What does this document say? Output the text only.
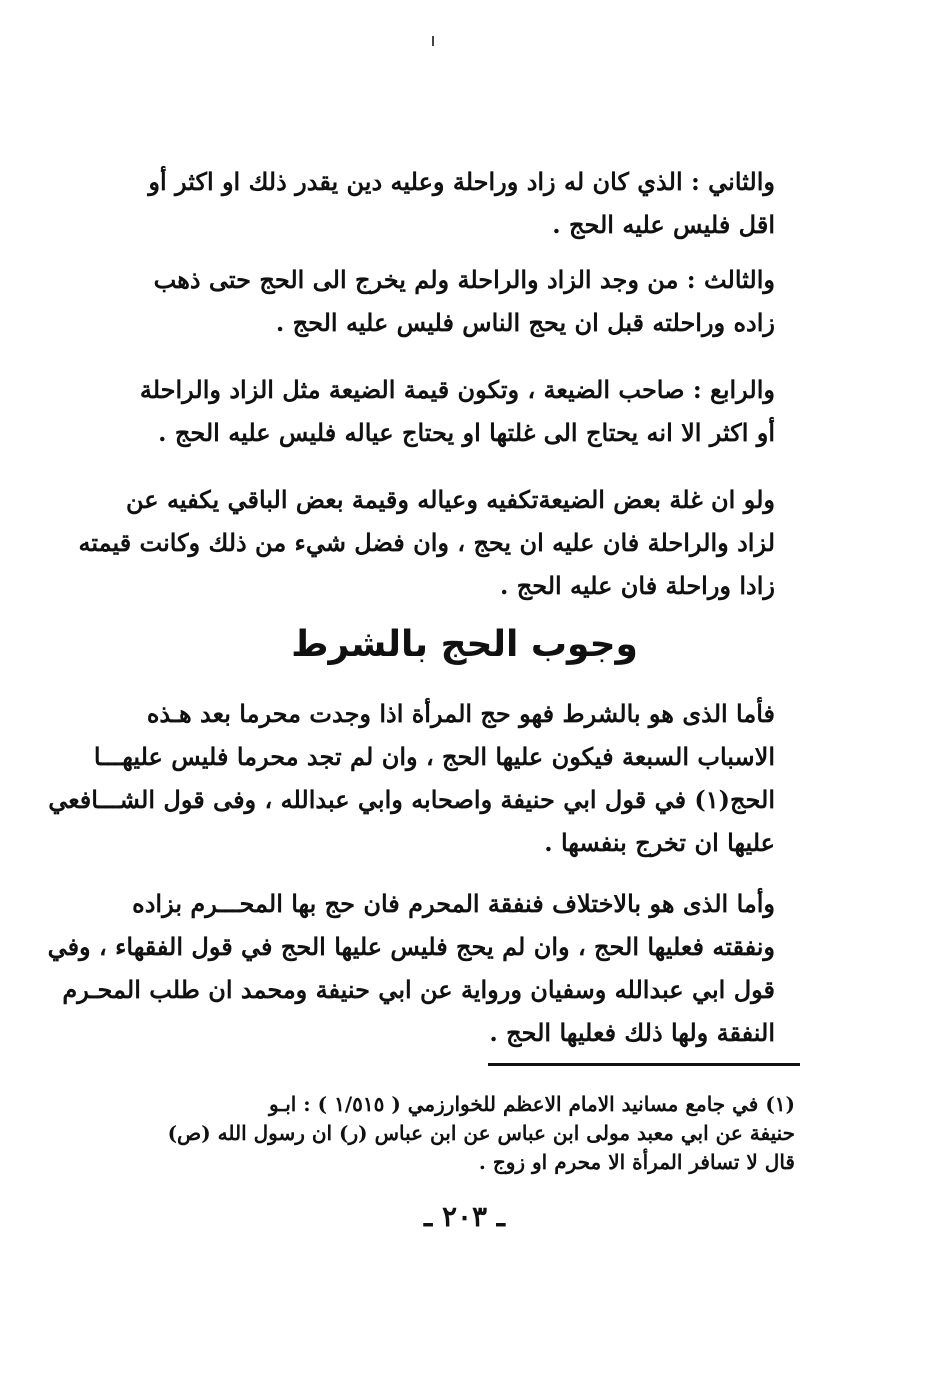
والثاني : الذي كان له زاد وراحلة وعليه دين يقدر ذلك او اكثر أو
اقل فليس عليه الحج .
والثالث : من وجد الزاد والراحلة ولم يخرج الى الحج حتى ذهب
زاده وراحلته قبل ان يحج الناس فليس عليه الحج .
والرابع : صاحب الضيعة ، وتكون قيمة الضيعة مثل الزاد والراحلة
أو اكثر الا انه يحتاج الى غلتها او يحتاج عياله فليس عليه الحج .
ولو ان غلة بعض الضيعةتكفيه وعياله وقيمة بعض الباقي يكفيه عن
لزاد والراحلة فان عليه ان يحج ، وان فضل شيء من ذلك وكانت قيمته
زادا وراحلة فان عليه الحج .
وجوب الحج بالشرط
فأما الذى هو بالشرط فهو حج المرأة اذا وجدت محرما بعد هـذه
الاسباب السبعة فيكون عليها الحج ، وان لم تجد محرما فليس عليهـــا
الحج(١) في قول ابي حنيفة واصحابه وابي عبدالله ، وفى قول الشـــافعي
عليها ان تخرج بنفسها .
وأما الذى هو بالاختلاف فنفقة المحرم فان حج بها المحـــرم بزاده
ونفقته فعليها الحج ، وان لم يحج فليس عليها الحج في قول الفقهاء ، وفي
قول ابي عبدالله وسفيان ورواية عن ابي حنيفة ومحمد ان طلب المحـرم
النفقة ولها ذلك فعليها الحج .
(١) في جامع مسانيد الامام الاعظم للخوارزمي ( ١/٥١٥ ) : ابـو
حنيفة عن ابي معبد مولى ابن عباس عن ابن عباس (ر) ان رسول الله (ص)
قال لا تسافر المرأة الا محرم او زوج .
ـ ٢٠٣ ـ
